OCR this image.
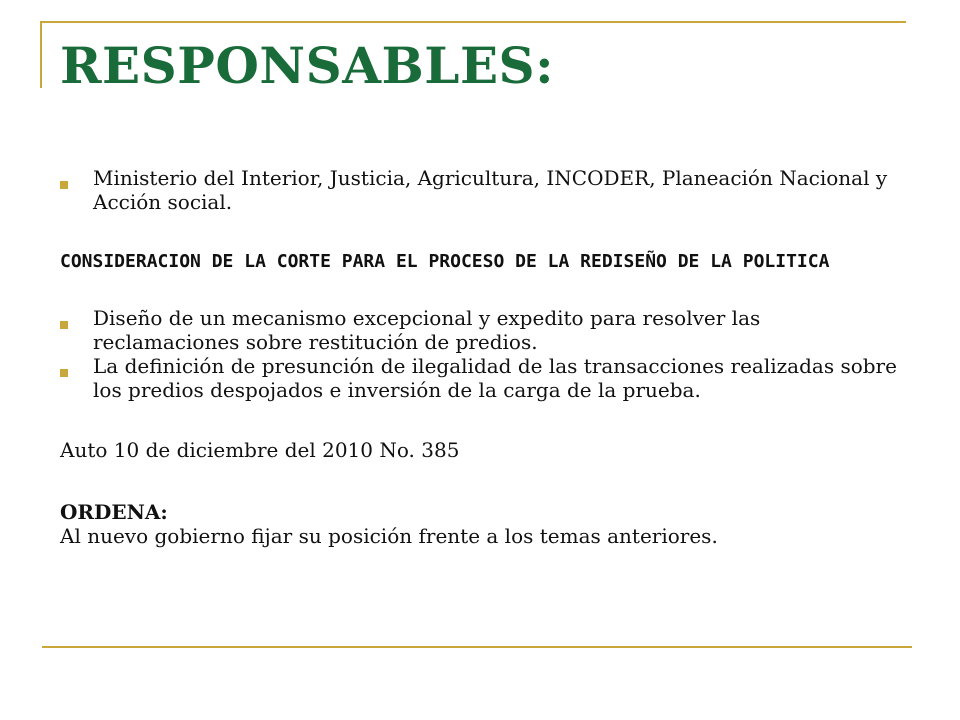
RESPONSABLES:
Ministerio del Interior, Justicia, Agricultura, INCODER, Planeación Nacional y Acción social.
CONSIDERACION DE LA CORTE PARA EL PROCESO DE LA REDISEÑO DE LA POLITICA
Diseño de un mecanismo excepcional y expedito para resolver las reclamaciones sobre restitución de predios.
La definición de presunción de ilegalidad de las transacciones realizadas sobre los predios despojados e inversión de la carga de la prueba.
Auto 10 de diciembre del 2010 No. 385
ORDENA:
Al nuevo gobierno fijar su posición frente a los temas anteriores.
